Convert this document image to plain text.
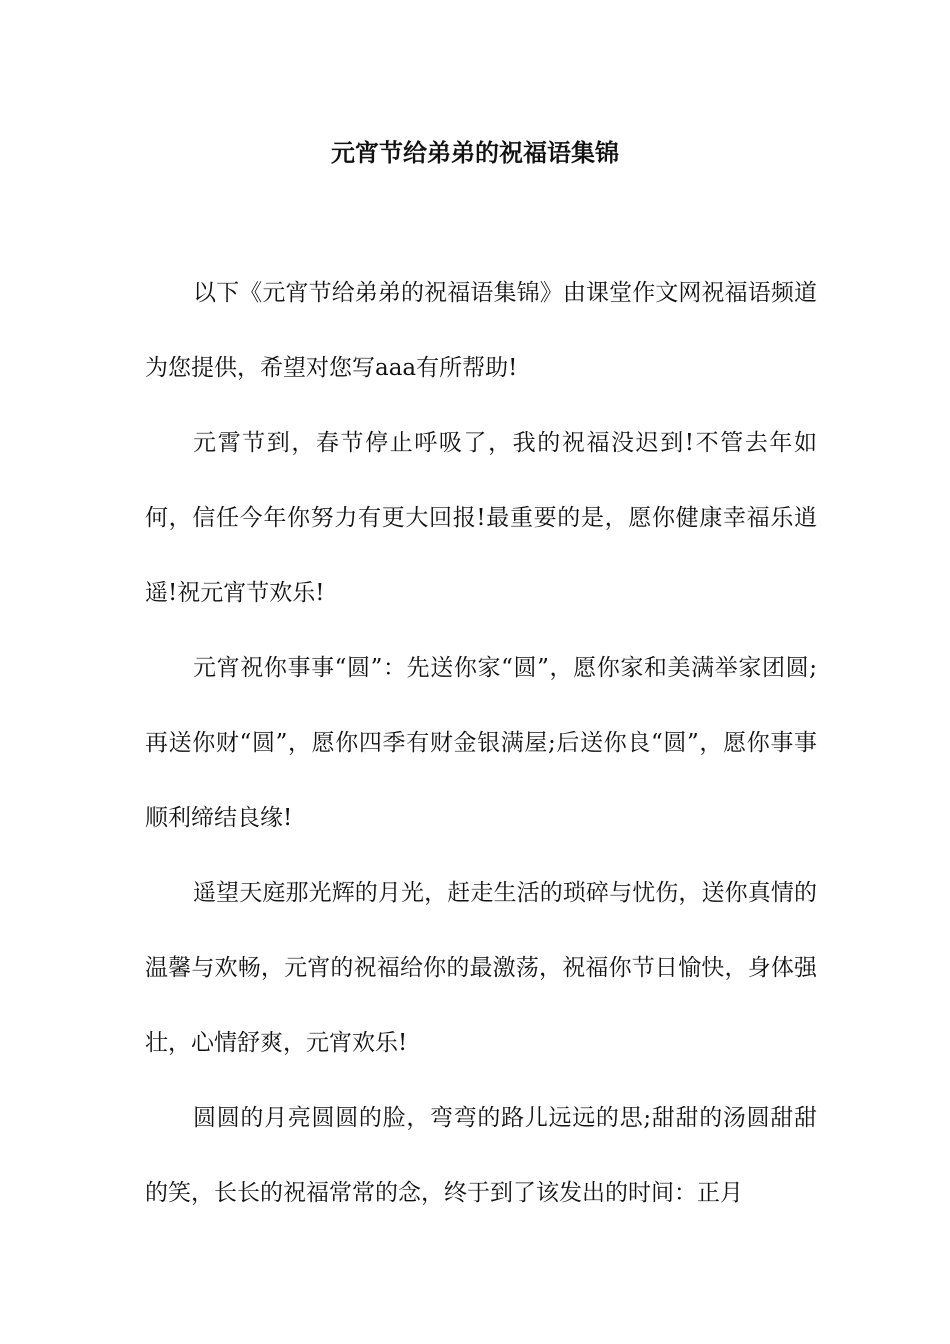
元宵节给弟弟的祝福语集锦

以下《元宵节给弟弟的祝福语集锦》由课堂作文网祝福语频道为您提供，希望对您写aaa有所帮助!

元霄节到，春节停止呼吸了，我的祝福没迟到!不管去年如何，信任今年你努力有更大回报!最重要的是，愿你健康幸福乐逍遥!祝元宵节欢乐!

元宵祝你事事“圆”：先送你家“圆”，愿你家和美满举家团圆;再送你财“圆”，愿你四季有财金银满屋;后送你良“圆”，愿你事事顺利缔结良缘!

遥望天庭那光辉的月光，赶走生活的琐碎与忧伤，送你真情的温馨与欢畅，元宵的祝福给你的最激荡，祝福你节日愉快，身体强壮，心情舒爽，元宵欢乐!

圆圆的月亮圆圆的脸，弯弯的路儿远远的思;甜甜的汤圆甜甜的笑，长长的祝福常常的念，终于到了该发出的时间：正月
